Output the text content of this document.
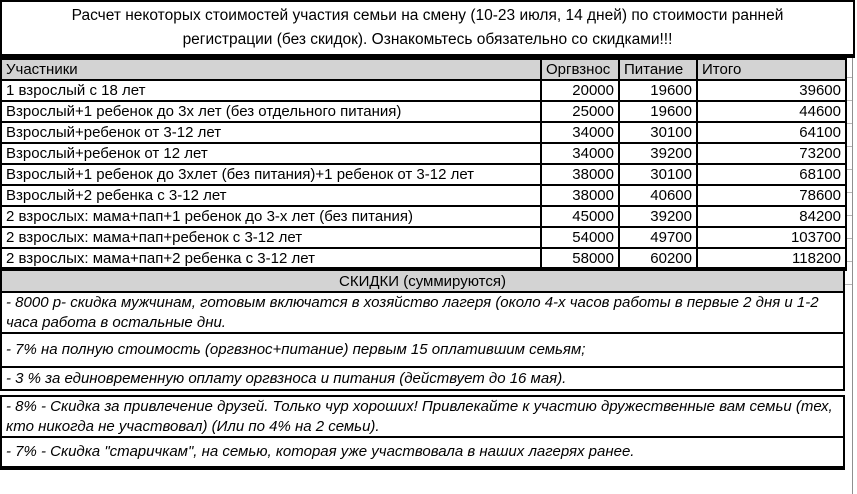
Расчет некоторых стоимостей участия семьи на смену (10-23 июля, 14 дней) по стоимости ранней регистрации (без скидок). Ознакомьтесь обязательно со скидками!!!
Участники	Оргвзнос	Питание	Итого
1 взрослый с 18 лет	20000	19600	39600
Взрослый+1 ребенок до 3х лет (без отдельного питания)	25000	19600	44600
Взрослый+ребенок от 3-12 лет	34000	30100	64100
Взрослый+ребенок от 12 лет	34000	39200	73200
Взрослый+1 ребенок до 3хлет (без питания)+1 ребенок от 3-12 лет	38000	30100	68100
Взрослый+2 ребенка с 3-12 лет	38000	40600	78600
2 взрослых: мама+пап+1 ребенок до 3-х лет (без питания)	45000	39200	84200
2 взрослых: мама+пап+ребенок с 3-12 лет	54000	49700	103700
2 взрослых: мама+пап+2 ребенка с 3-12 лет	58000	60200	118200
СКИДКИ (суммируются)
- 8000 р- скидка мужчинам, готовым включатся в хозяйство лагеря (около 4-х часов работы в первые 2 дня и 1-2 часа работа в остальные дни.
- 7% на полную стоимость (оргвзнос+питание) первым 15 оплатившим семьям;
- 3 % за единовременную оплату оргвзноса и питания (действует до 16 мая).
- 8% - Скидка за привлечение друзей. Только чур хороших! Привлекайте к участию дружественные вам семьи (тех, кто никогда не участвовал) (Или по 4% на 2 семьи).
- 7% - Скидка "старичкам", на семью, которая уже участвовала в наших лагерях ранее.
